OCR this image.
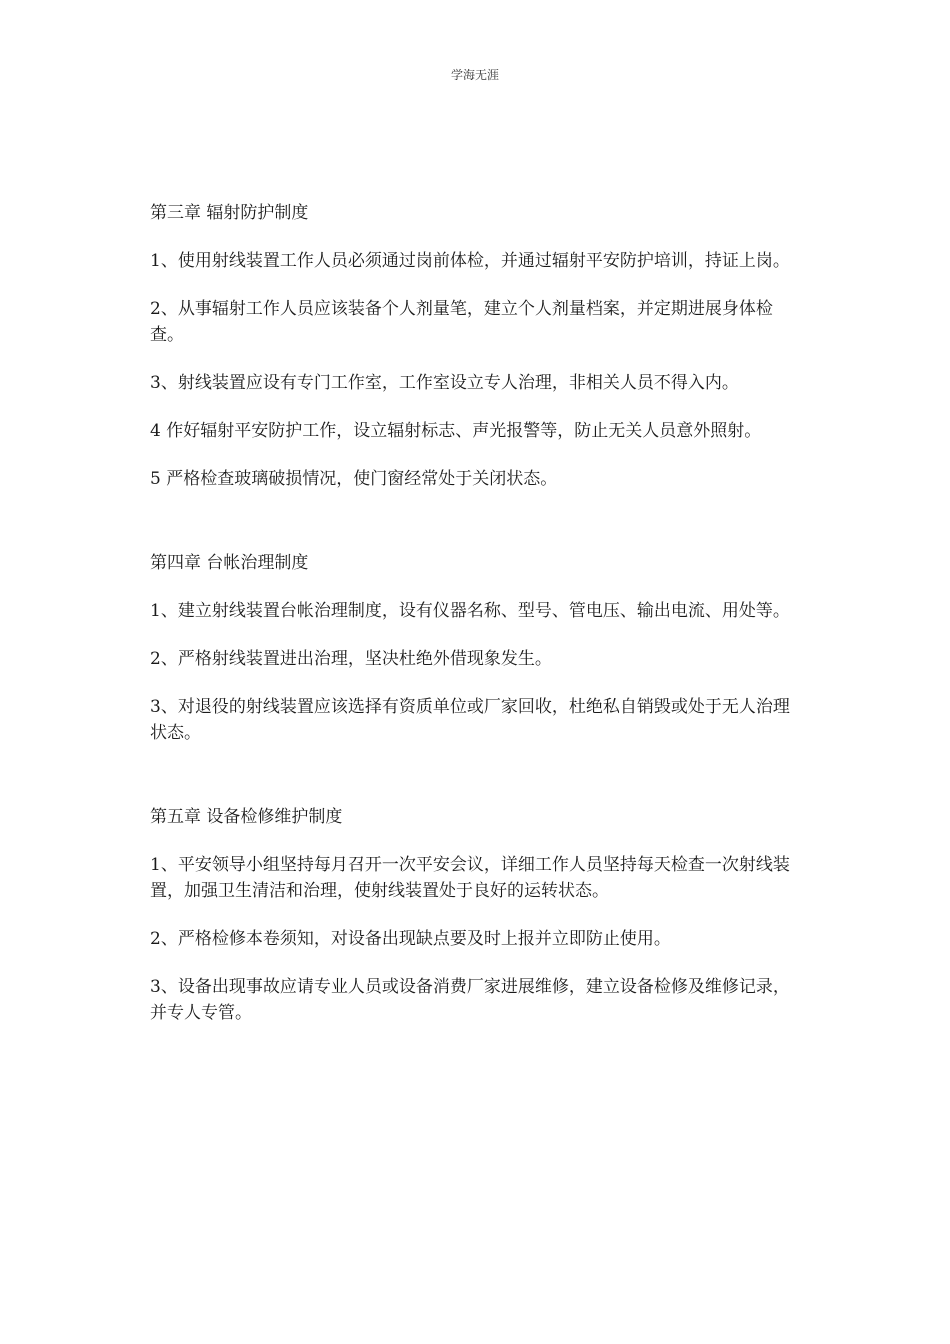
学海无涯

第三章 辐射防护制度

1、使用射线装置工作人员必须通过岗前体检，并通过辐射平安防护培训，持证上岗。

2、从事辐射工作人员应该装备个人剂量笔，建立个人剂量档案，并定期进展身体检查。

3、射线装置应设有专门工作室，工作室设立专人治理，非相关人员不得入内。

4 作好辐射平安防护工作，设立辐射标志、声光报警等，防止无关人员意外照射。

5 严格检查玻璃破损情况，使门窗经常处于关闭状态。

第四章 台帐治理制度

1、建立射线装置台帐治理制度，设有仪器名称、型号、管电压、输出电流、用处等。

2、严格射线装置进出治理，坚决杜绝外借现象发生。

3、对退役的射线装置应该选择有资质单位或厂家回收，杜绝私自销毁或处于无人治理状态。

第五章 设备检修维护制度

1、平安领导小组坚持每月召开一次平安会议，详细工作人员坚持每天检查一次射线装置，加强卫生清洁和治理，使射线装置处于良好的运转状态。

2、严格检修本卷须知，对设备出现缺点要及时上报并立即防止使用。

3、设备出现事故应请专业人员或设备消费厂家进展维修，建立设备检修及维修记录，并专人专管。
